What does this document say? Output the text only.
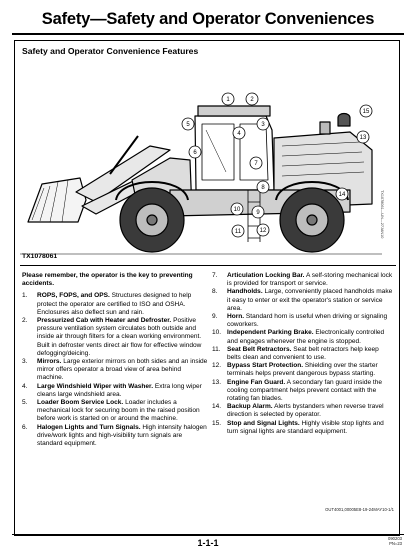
Safety—Safety and Operator Conveniences
Safety and Operator Convenience Features
1	2
3
4
5
6
7
8
9
10
11	12
13
14
15
TX1078061—UN—27JAN10
TX1078061
Please remember, the operator is the key to preventing accidents.
1.	ROPS, FOPS, and OPS. Structures designed to help protect the operator are certified to ISO and OSHA. Enclosures also deflect sun and rain.
2.	Pressurized Cab with Heater and Defroster. Positive pressure ventilation system circulates both outside and inside air through filters for a clean working environment. Built in defroster vents direct air flow for effective window defogging/deicing.
3.	Mirrors. Large exterior mirrors on both sides and an inside mirror offers operator a broad view of area behind machine.
4.	Large Windshield Wiper with Washer. Extra long wiper cleans large windshield area.
5.	Loader Boom Service Lock. Loader includes a mechanical lock for securing boom in the raised position before work is started on or around the machine.
6.	Halogen Lights and Turn Signals. High intensity halogen drive/work lights and high-visibility turn signals are standard equipment.
7.	Articulation Locking Bar. A self-storing mechanical lock is provided for transport or service.
8.	Handholds. Large, conveniently placed handholds make it easy to enter or exit the operator's station or service area.
9.	Horn. Standard horn is useful when driving or signaling coworkers.
10. Independent Parking Brake. Electronically controlled and engages whenever the engine is stopped.
11. Seat Belt Retractors. Seat belt retractors help keep belts clean and convenient to use.
12. Bypass Start Protection. Shielding over the starter terminals helps prevent dangerous bypass starting.
13. Engine Fan Guard. A secondary fan guard inside the cooling compartment helps prevent contact with the rotating fan blades.
14. Backup Alarm. Alerts bystanders when reverse travel direction is selected by operator.
15. Stop and Signal Lights. Highly visible stop lights and turn signal lights are standard equipment.
OUT4001,00005E8-19-24MAY10-1/1
1-1-1	090203
PN=23
